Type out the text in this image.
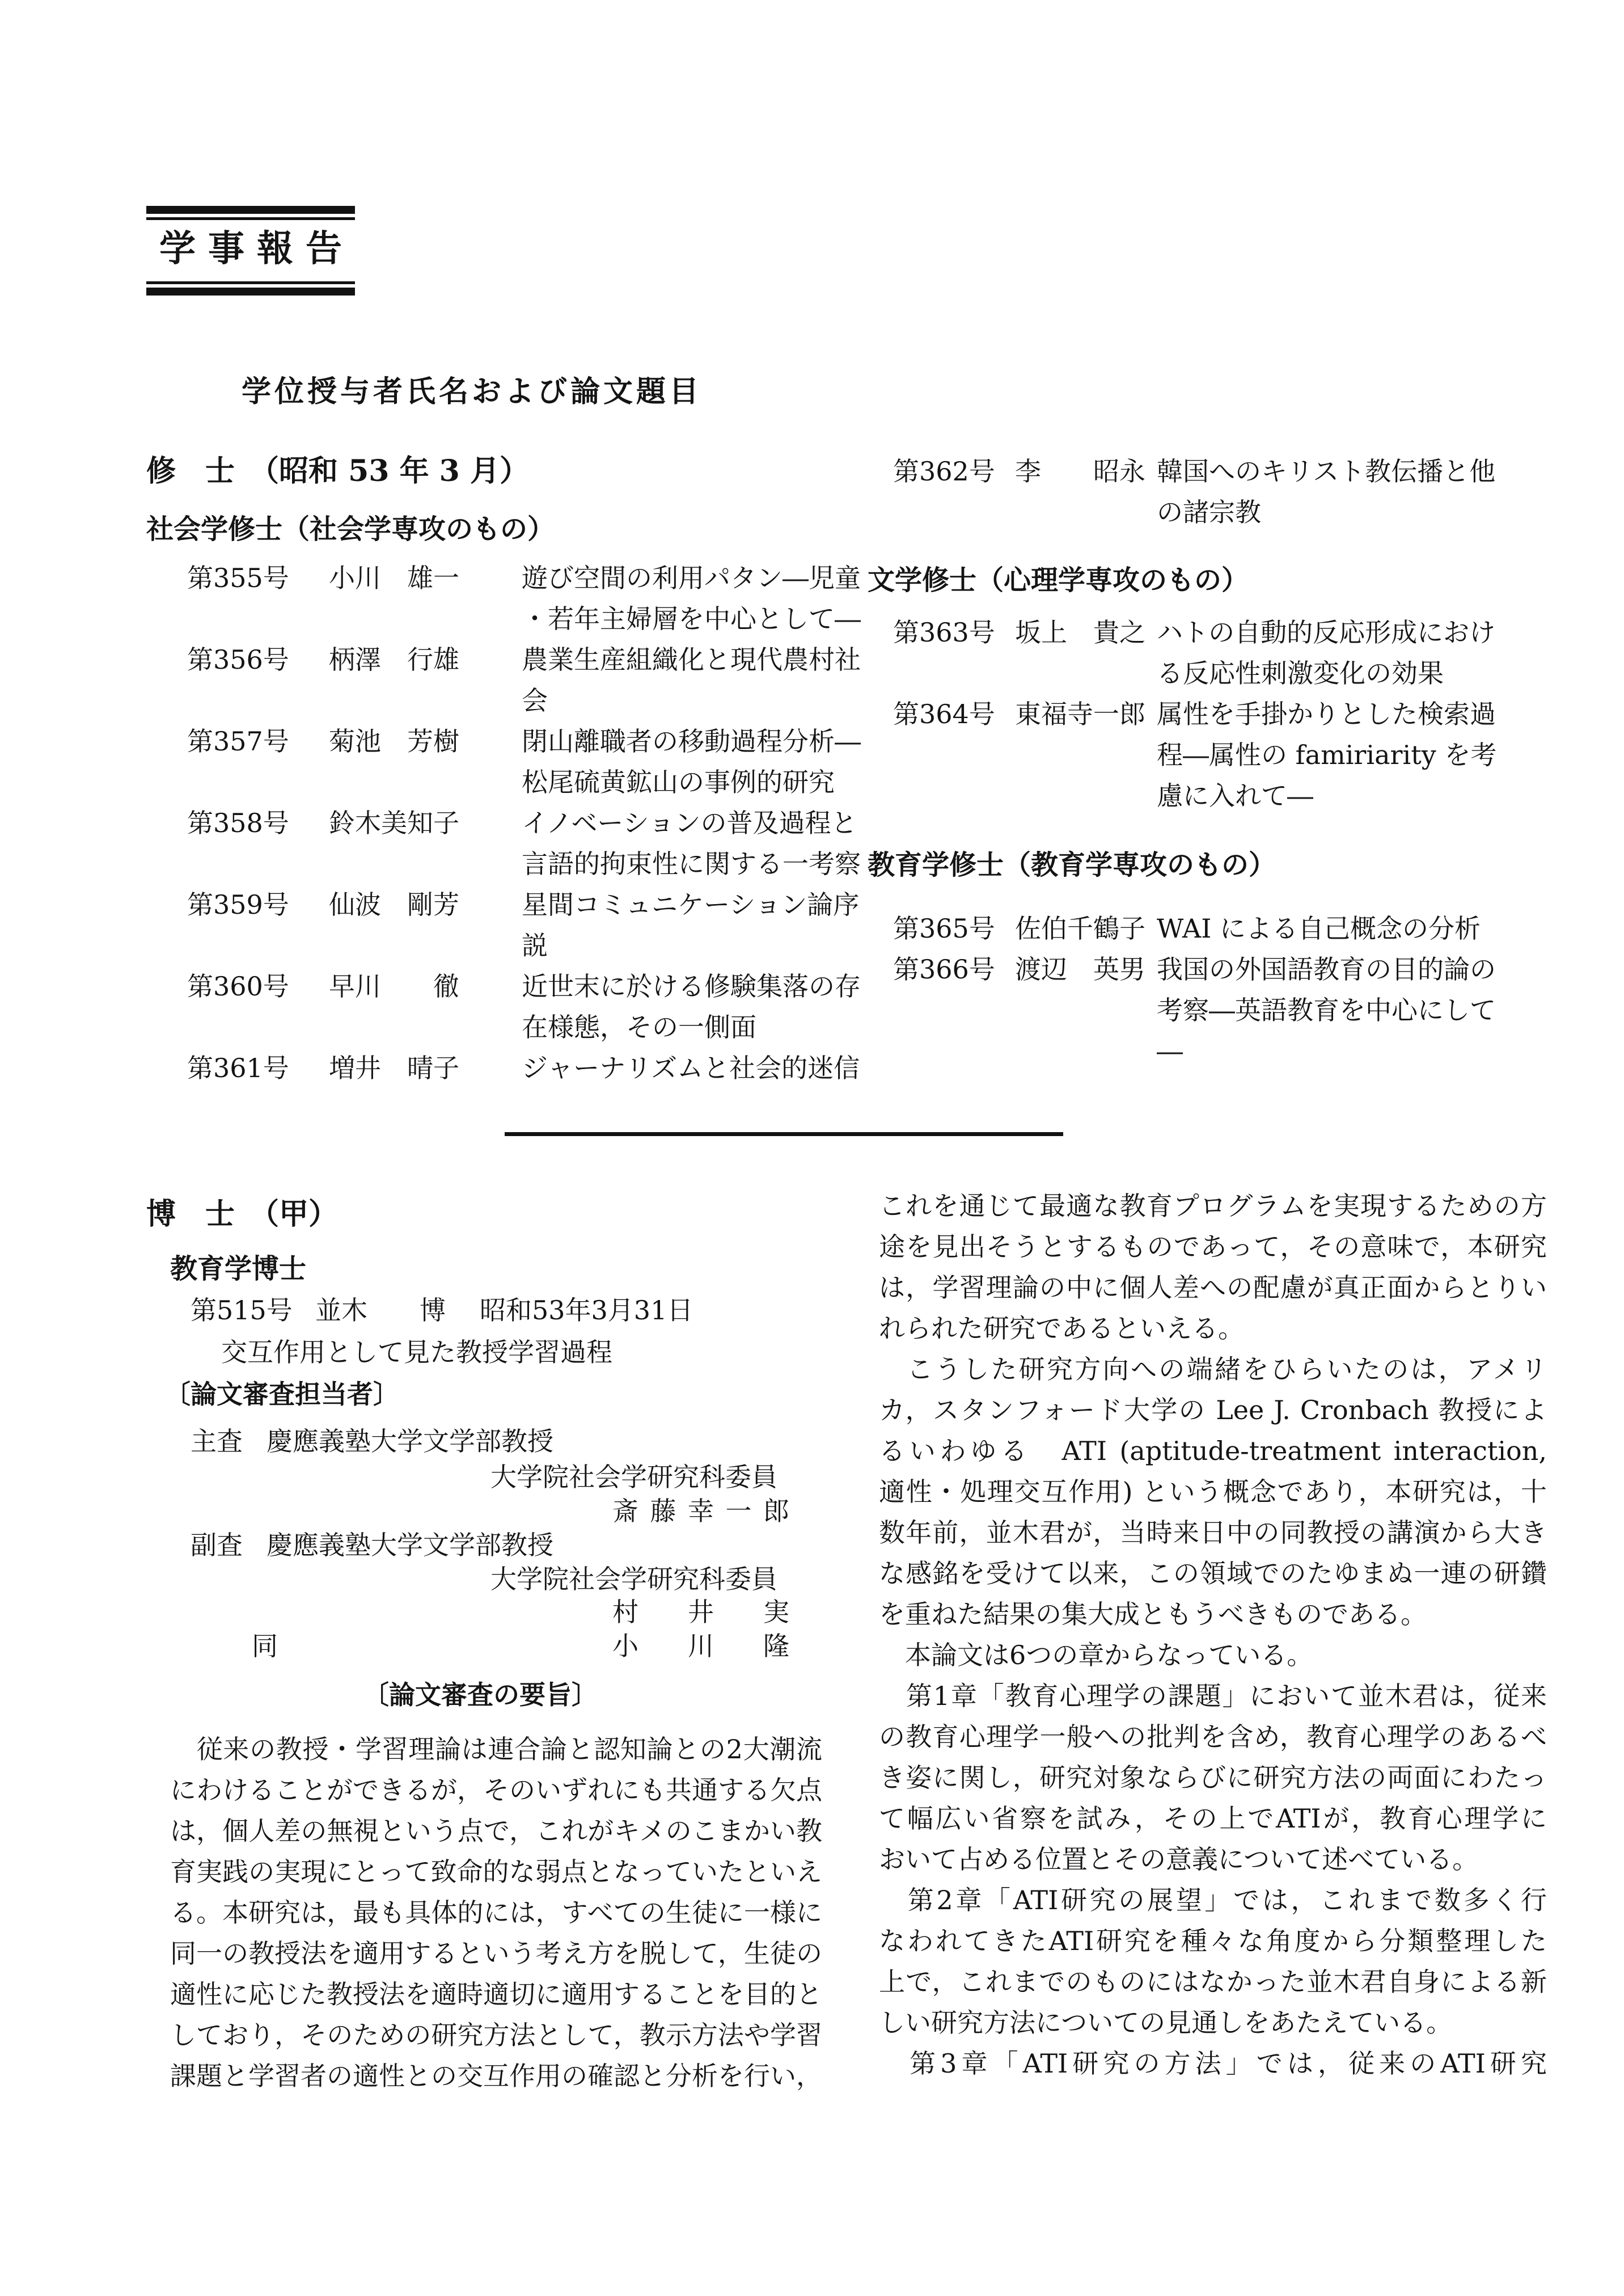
学事報告
学位授与者氏名および論文題目
修　士　（昭和 53 年 3 月）
社会学修士（社会学専攻のもの）
第355号	小川　雄一	遊び空間の利用パタン―児童
・若年主婦層を中心として―
第356号	柄澤　行雄	農業生産組織化と現代農村社
会
第357号	菊池　芳樹	閉山離職者の移動過程分析―
松尾硫黄鉱山の事例的研究
第358号	鈴木美知子	イノベーションの普及過程と
言語的拘束性に関する一考察
第359号	仙波　剛芳	星間コミュニケーション論序
説
第360号	早川　　徹	近世末に於ける修験集落の存
在様態，その一側面
第361号	増井　晴子	ジャーナリズムと社会的迷信
第362号 李　　昭永 韓国へのキリスト教伝播と他
の諸宗教
文学修士（心理学専攻のもの）
第363号 坂上　貴之 ハトの自動的反応形成におけ
る反応性刺激変化の効果
第364号 東福寺一郎 属性を手掛かりとした検索過
程―属性の famiriarity を考
慮に入れて―
教育学修士（教育学専攻のもの）
第365号 佐伯千鶴子 WAI による自己概念の分析
第366号 渡辺　英男 我国の外国語教育の目的論の
考察―英語教育を中心にして
―
博　士　（甲）
教育学博士
第515号 並木　　博 昭和53年3月31日
交互作用として見た教授学習過程
〔論文審査担当者〕
主査 慶應義塾大学文学部教授
大学院社会学研究科委員
斎藤幸一郎
副査 慶應義塾大学文学部教授
大学院社会学研究科委員
村井実
同	小川隆
〔論文審査の要旨〕
　従来の教授・学習理論は連合論と認知論との2大潮流
にわけることができるが，そのいずれにも共通する欠点
は，個人差の無視という点で，これがキメのこまかい教
育実践の実現にとって致命的な弱点となっていたといえ
る。本研究は，最も具体的には，すべての生徒に一様に
同一の教授法を適用するという考え方を脱して，生徒の
適性に応じた教授法を適時適切に適用することを目的と
しており，そのための研究方法として，教示方法や学習
課題と学習者の適性との交互作用の確認と分析を行い，
これを通じて最適な教育プログラムを実現するための方
途を見出そうとするものであって，その意味で，本研究
は，学習理論の中に個人差への配慮が真正面からとりい
れられた研究であるといえる。
　こうした研究方向への端緒をひらいたのは，アメリ
カ，スタンフォード大学の Lee J. Cronbach 教授によ
るいわゆる　ATI (aptitude-treatment interaction,
適性・処理交互作用) という概念であり，本研究は，十
数年前，並木君が，当時来日中の同教授の講演から大き
な感銘を受けて以来，この領域でのたゆまぬ一連の研鑽
を重ねた結果の集大成ともうべきものである。
　本論文は6つの章からなっている。
　第1章「教育心理学の課題」において並木君は，従来
の教育心理学一般への批判を含め，教育心理学のあるべ
き姿に関し，研究対象ならびに研究方法の両面にわたっ
て幅広い省察を試み，その上でATIが，教育心理学に
おいて占める位置とその意義について述べている。
　第2章「ATI研究の展望」では，これまで数多く行
なわれてきたATI研究を種々な角度から分類整理した
上で，これまでのものにはなかった並木君自身による新
しい研究方法についての見通しをあたえている。
　第3章「ATI研究の方法」では，従来のATI研究
